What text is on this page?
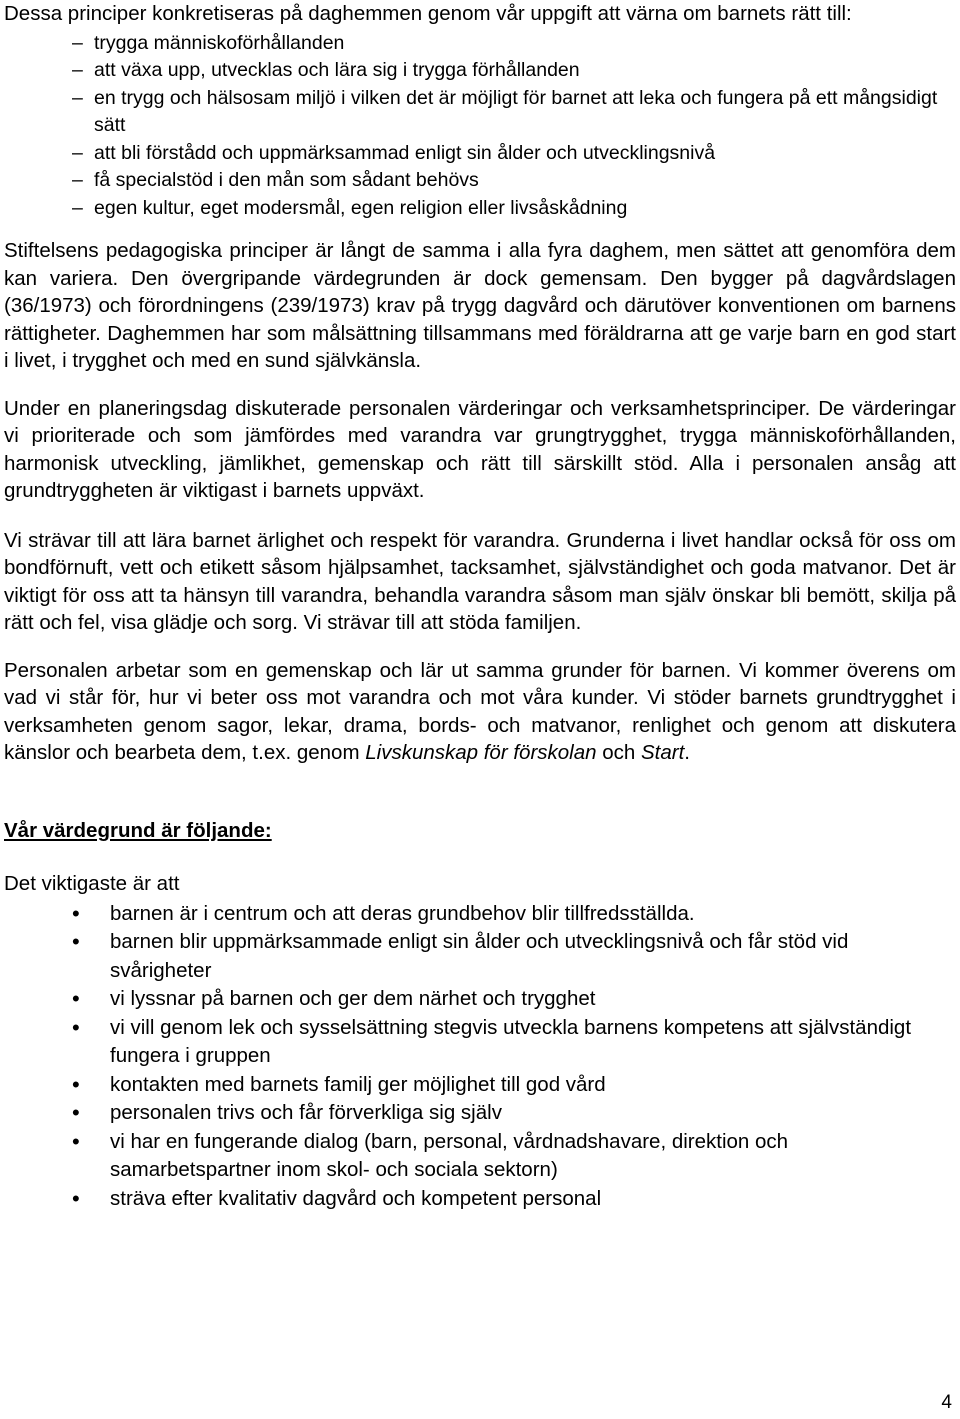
Dessa principer konkretiseras på daghemmen genom vår uppgift att värna om barnets rätt till:

– trygga människoförhållanden
– att växa upp, utvecklas och lära sig i trygga förhållanden
– en trygg och hälsosam miljö i vilken det är möjligt för barnet att leka och fungera på ett mångsidigt sätt
– att bli förstådd och uppmärksammad enligt sin ålder och utvecklingsnivå
– få specialstöd i den mån som sådant behövs
– egen kultur, eget modersmål, egen religion eller livsåskådning

Stiftelsens pedagogiska principer är långt de samma i alla fyra daghem, men sättet att genomföra dem kan variera. Den övergripande värdegrunden är dock gemensam. Den bygger på dagvårdslagen (36/1973) och förordningens (239/1973) krav på trygg dagvård och därutöver konventionen om barnens rättigheter. Daghemmen har som målsättning tillsammans med föräldrarna att ge varje barn en god start i livet, i trygghet och med en sund självkänsla.

Under en planeringsdag diskuterade personalen värderingar och verksamhetsprinciper. De värderingar vi prioriterade och som jämfördes med varandra var grungtrygghet, trygga människoförhållanden, harmonisk utveckling, jämlikhet, gemenskap och rätt till särskillt stöd. Alla i personalen ansåg att grundtryggheten är viktigast i barnets uppväxt.

Vi strävar till att lära barnet ärlighet och respekt för varandra. Grunderna i livet handlar också för oss om bondförnuft, vett och etikett såsom hjälpsamhet, tacksamhet, självständighet och goda matvanor. Det är viktigt för oss att ta hänsyn till varandra, behandla varandra såsom man själv önskar bli bemött, skilja på rätt och fel, visa glädje och sorg. Vi strävar till att stöda familjen.

Personalen arbetar som en gemenskap och lär ut samma grunder för barnen. Vi kommer överens om vad vi står för, hur vi beter oss mot varandra och mot våra kunder. Vi stöder barnets grundtrygghet i verksamheten genom sagor, lekar, drama, bords- och matvanor, renlighet och genom att diskutera känslor och bearbeta dem, t.ex. genom Livskunskap för förskolan och Start.

Vår värdegrund är följande:

Det viktigaste är att

• barnen är i centrum och att deras grundbehov blir tillfredsställda.
• barnen blir uppmärksammade enligt sin ålder och utvecklingsnivå och får stöd vid svårigheter
• vi lyssnar på barnen och ger dem närhet och trygghet
• vi vill genom lek och sysselsättning stegvis utveckla barnens kompetens att självständigt fungera i gruppen
• kontakten med barnets familj ger möjlighet till god vård
• personalen trivs och får förverkliga sig själv
• vi har en fungerande dialog (barn, personal, vårdnadshavare, direktion och samarbetspartner inom skol- och sociala sektorn)
• sträva efter kvalitativ dagvård och kompetent personal
4
